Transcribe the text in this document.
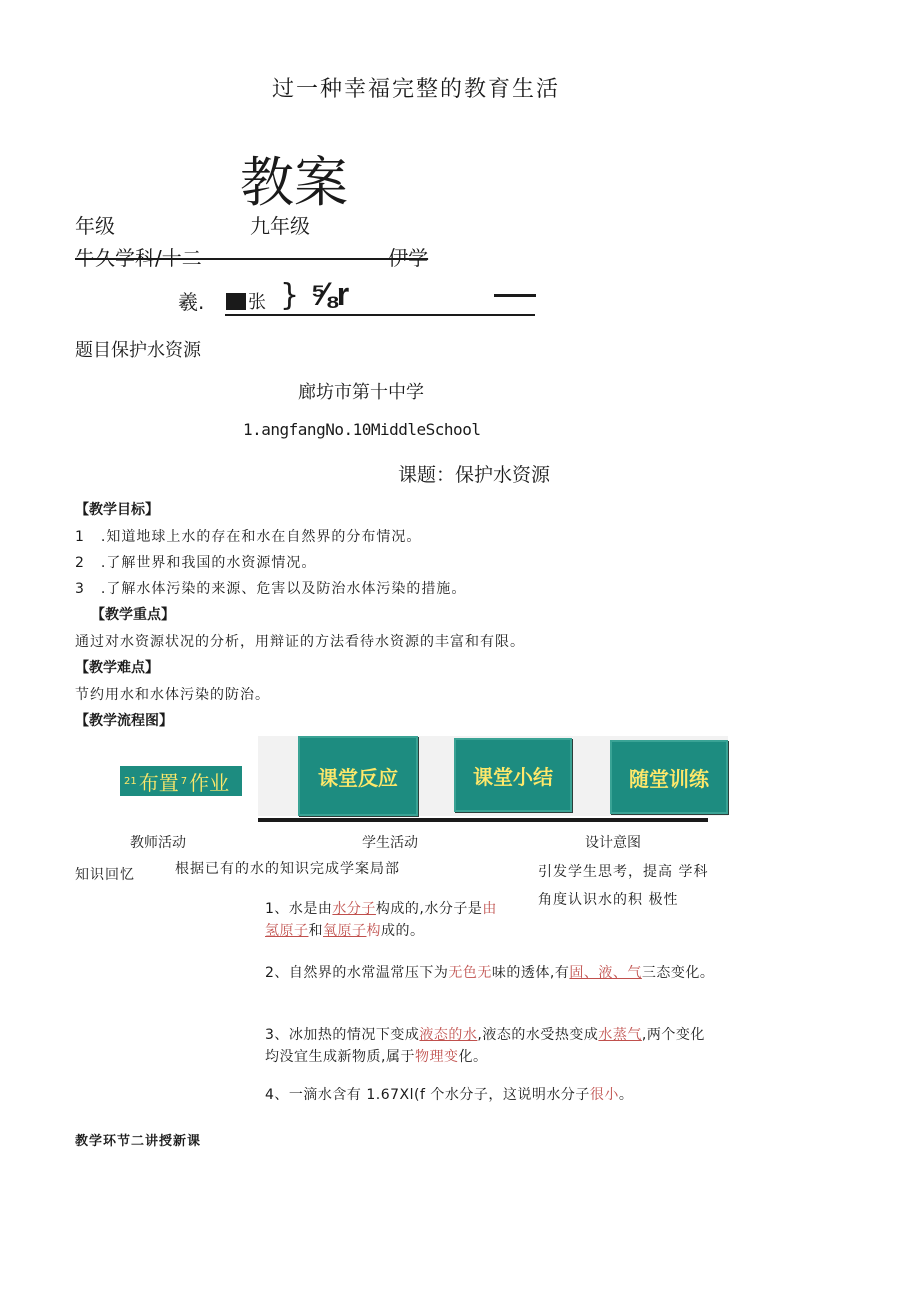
过一种幸福完整的教育生活
教案
年级	九年级
牛久学科/十二 —————————伊学
羲.	张 } ⅝r
题目保护水资源
廊坊市第十中学
1.angfangNo.10MiddleSchool
课题：保护水资源
【教学目标】
1 .知道地球上水的存在和水在自然界的分布情况。
2 .了解世界和我国的水资源情况。
3 .了解水体污染的来源、危害以及防治水体污染的措施。
【教学重点】
通过对水资源状况的分析，用辩证的方法看待水资源的丰富和有限。
【教学难点】
节约用水和水体污染的防治。
【教学流程图】
21 布置 7 作业	课堂反应	课堂小结	随堂训练
教师活动	学生活动	设计意图
知识回忆	根据已有的水的知识完成学案局部	引发学生思考，提高 学科角度认识水的积 极性
1、水是由水分子构成的,水分子是由
氢原子和氧原子构成的。
2、自然界的水常温常压下为无色无味的透体,有固、液、气三态变化。
3、冰加热的情况下变成液态的水,液态的水受热变成水蒸气,两个变化均没宜生成新物质,属于物理变化。
4、一滴水含有 1.67Xl(f 个水分子，这说明水分子很小。
教学环节二讲授新课
